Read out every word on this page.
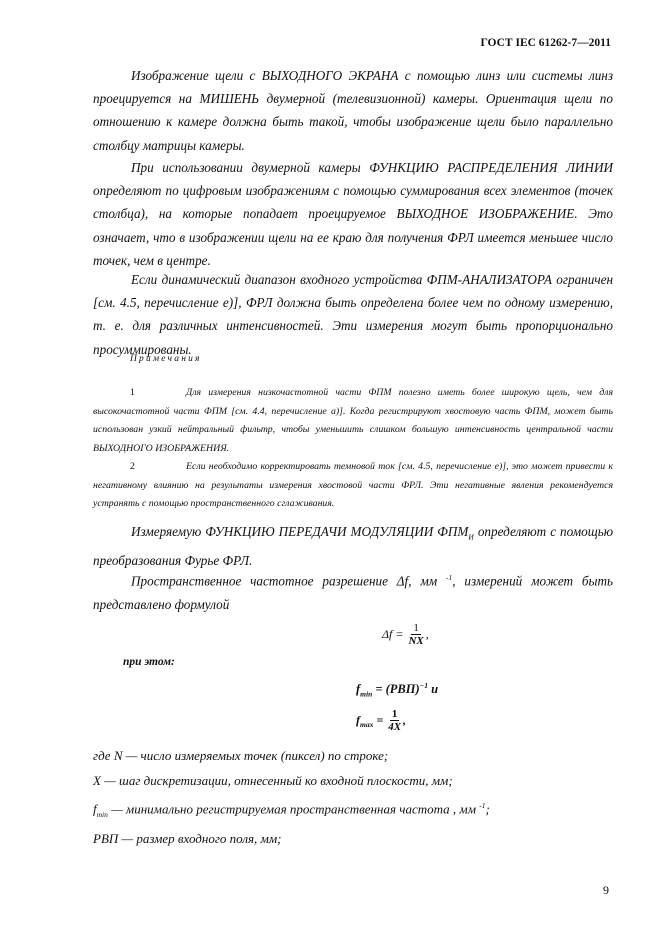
ГОСТ IEC 61262-7—2011

Изображение щели с ВЫХОДНОГО ЭКРАНА с помощью линз или системы линз проецируется на МИШЕНЬ двумерной (телевизионной) камеры. Ориентация щели по отношению к камере должна быть такой, чтобы изображение щели было параллельно столбцу матрицы камеры.

При использовании двумерной камеры ФУНКЦИЮ РАСПРЕДЕЛЕНИЯ ЛИНИИ определяют по цифровым изображениям с помощью суммирования всех элементов (точек столбца), на которые попадает проецируемое ВЫХОДНОЕ ИЗОБРАЖЕНИЕ. Это означает, что в изображении щели на ее краю для получения ФРЛ имеется меньшее число точек, чем в центре.

Если динамический диапазон входного устройства ФПМ-АНАЛИЗАТОРА ограничен [см. 4.5, перечисление е)], ФРЛ должна быть определена более чем по одному измерению, т. е. для различных интенсивностей. Эти измерения могут быть пропорционально просуммированы.

Примечания

1	Для измерения низкочастотной части ФПМ полезно иметь более широкую щель, чем для высокочастотной части ФПМ [см. 4.4, перечисление а)]. Когда регистрируют хвостовую часть ФПМ, может быть использован узкий нейтральный фильтр, чтобы уменьшить слишком большую интенсивность центральной части ВЫХОДНОГО ИЗОБРАЖЕНИЯ.

2	Если необходимо корректировать темновой ток [см. 4.5, перечисление е)], это может привести к негативному влиянию на результаты измерения хвостовой части ФРЛ. Эти негативные явления рекомендуется устранять с помощью пространственного сглаживания.

Измеряемую ФУНКЦИЮ ПЕРЕДАЧИ МОДУЛЯЦИИ $ФПМ_И$ определяют с помощью преобразования Фурье ФРЛ.

Пространственное частотное разрешение Δf, мм $^{-1}$, измерений может быть представлено формулой

$\Delta f = \frac{1}{NX}$ ,
при этом:
$f_{min} = (РВП)^{-1}$ и
$f_{max} = \frac{1}{4X}$ ,
где N — число измеряемых точек (пиксел) по строке;
X — шаг дискретизации, отнесенный ко входной плоскости, мм;
$f_{min}$ — минимально регистрируемая пространственная частота , мм $^{-1}$;
РВП — размер входного поля, мм;
9
